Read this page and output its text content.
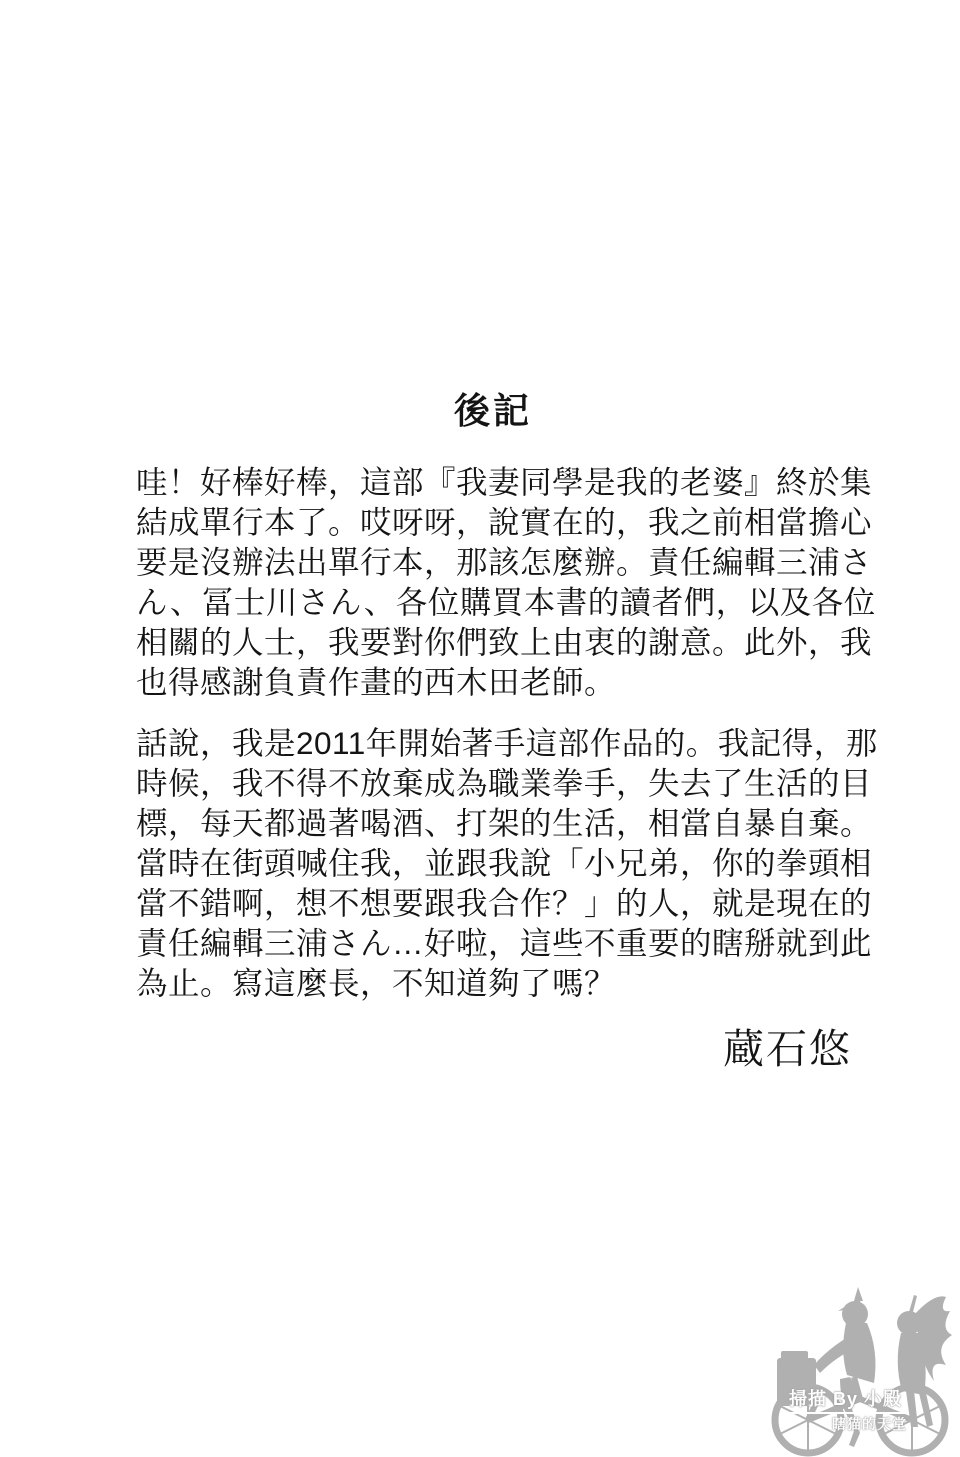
後記
哇！好棒好棒，這部『我妻同學是我的老婆』終於集
結成單行本了。哎呀呀，說實在的，我之前相當擔心
要是沒辦法出單行本，那該怎麼辦。責任編輯三浦さ
ん、冨士川さん、各位購買本書的讀者們，以及各位
相關的人士，我要對你們致上由衷的謝意。此外，我
也得感謝負責作畫的西木田老師。
話說，我是2011年開始著手這部作品的。我記得，那
時候，我不得不放棄成為職業拳手，失去了生活的目
標，每天都過著喝酒、打架的生活，相當自暴自棄。
當時在街頭喊住我，並跟我說「小兄弟，你的拳頭相
當不錯啊，想不想要跟我合作？」的人，就是現在的
責任編輯三浦さん…好啦，這些不重要的瞎掰就到此
為止。寫這麼長，不知道夠了嗎？
蔵石悠
掃描 By 小殿
瞎猫的天堂
